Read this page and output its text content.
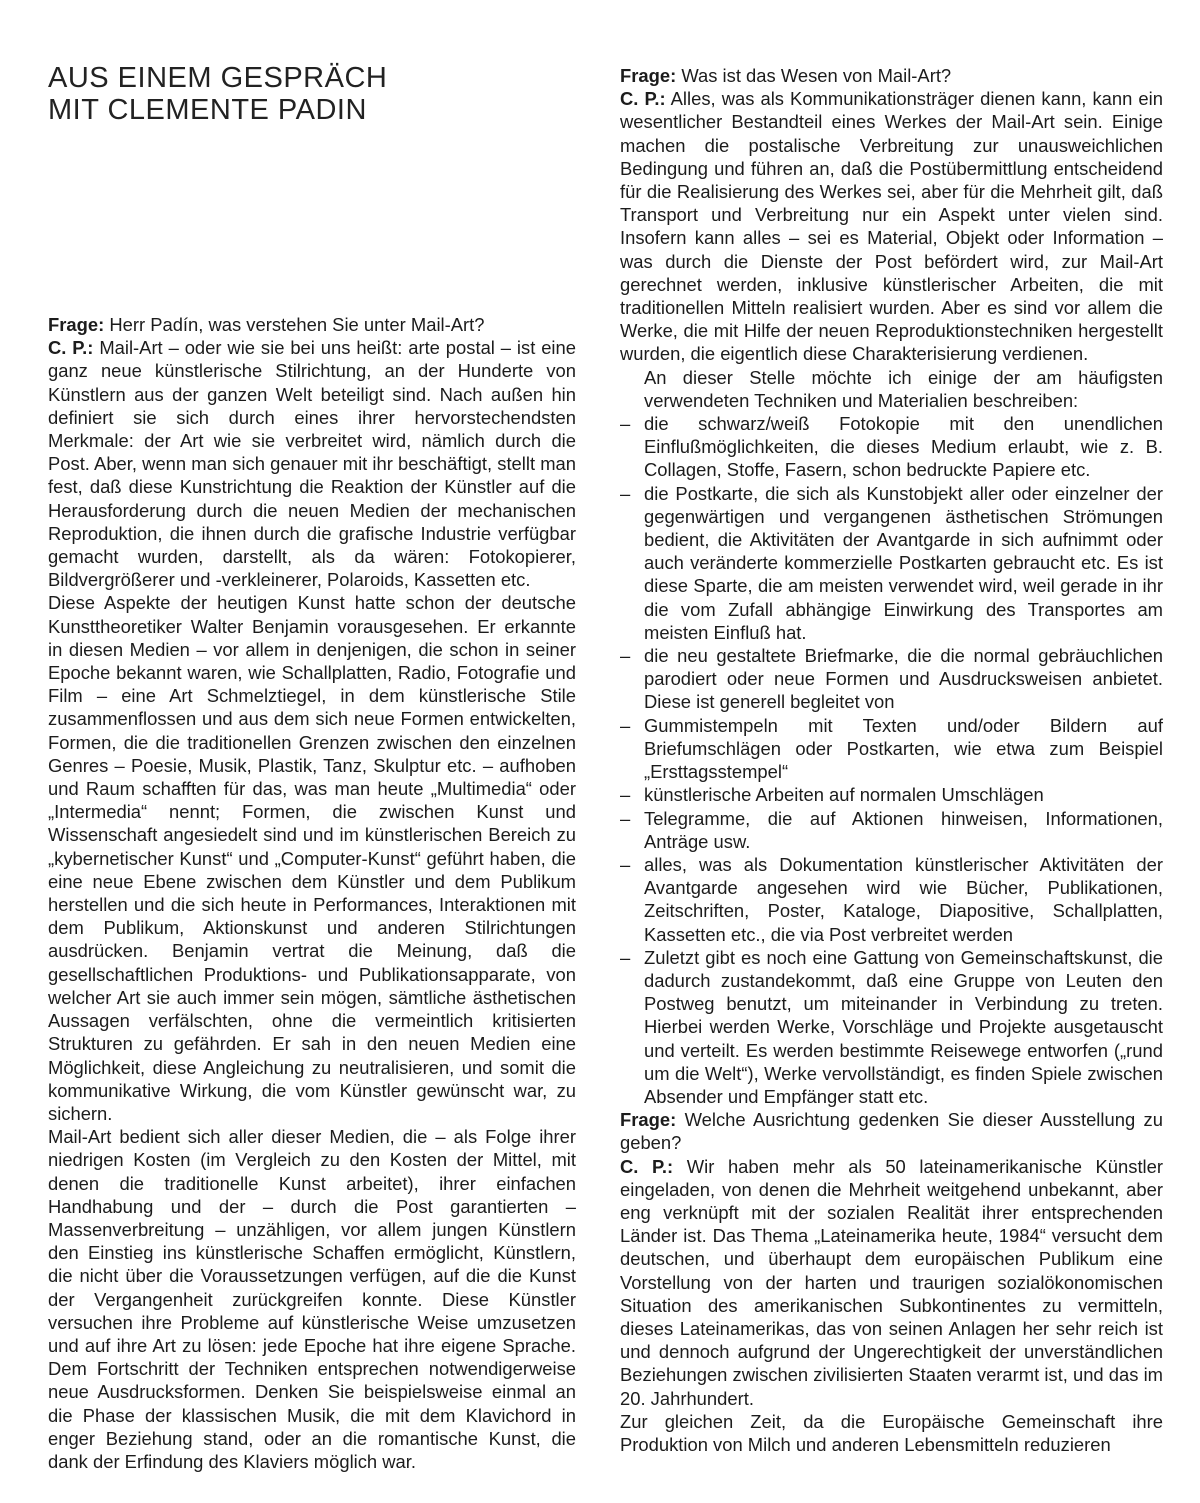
AUS EINEM GESPRÄCH
MIT CLEMENTE PADIN

Frage: Herr Padín, was verstehen Sie unter Mail-Art?

C. P.: Mail-Art – oder wie sie bei uns heißt: arte postal – ist eine ganz neue künstlerische Stilrichtung, an der Hunderte von Künstlern aus der ganzen Welt beteiligt sind. Nach außen hin definiert sie sich durch eines ihrer hervorstechendsten Merkmale: der Art wie sie verbreitet wird, nämlich durch die Post. Aber, wenn man sich genauer mit ihr beschäftigt, stellt man fest, daß diese Kunstrichtung die Reaktion der Künstler auf die Herausforderung durch die neuen Medien der mechanischen Reproduktion, die ihnen durch die grafische Industrie verfügbar gemacht wurden, darstellt, als da wären: Fotokopierer, Bildvergrößerer und -verkleinerer, Polaroids, Kassetten etc.

Diese Aspekte der heutigen Kunst hatte schon der deutsche Kunsttheoretiker Walter Benjamin vorausgesehen. Er erkannte in diesen Medien – vor allem in denjenigen, die schon in seiner Epoche bekannt waren, wie Schallplatten, Radio, Fotografie und Film – eine Art Schmelztiegel, in dem künstlerische Stile zusammenflossen und aus dem sich neue Formen entwickelten, Formen, die die traditionellen Grenzen zwischen den einzelnen Genres – Poesie, Musik, Plastik, Tanz, Skulptur etc. – aufhoben und Raum schafften für das, was man heute „Multimedia“ oder „Intermedia“ nennt; Formen, die zwischen Kunst und Wissenschaft angesiedelt sind und im künstlerischen Bereich zu „kybernetischer Kunst“ und „Computer-Kunst“ geführt haben, die eine neue Ebene zwischen dem Künstler und dem Publikum herstellen und die sich heute in Performances, Interaktionen mit dem Publikum, Aktionskunst und anderen Stilrichtungen ausdrücken. Benjamin vertrat die Meinung, daß die gesellschaftlichen Produktions- und Publikationsapparate, von welcher Art sie auch immer sein mögen, sämtliche ästhetischen Aussagen verfälschten, ohne die vermeintlich kritisierten Strukturen zu gefährden. Er sah in den neuen Medien eine Möglichkeit, diese Angleichung zu neutralisieren, und somit die kommunikative Wirkung, die vom Künstler gewünscht war, zu sichern.

Mail-Art bedient sich aller dieser Medien, die – als Folge ihrer niedrigen Kosten (im Vergleich zu den Kosten der Mittel, mit denen die traditionelle Kunst arbeitet), ihrer einfachen Handhabung und der – durch die Post garantierten – Massenverbreitung – unzähligen, vor allem jungen Künstlern den Einstieg ins künstlerische Schaffen ermöglicht, Künstlern, die nicht über die Voraussetzungen verfügen, auf die die Kunst der Vergangenheit zurückgreifen konnte. Diese Künstler versuchen ihre Probleme auf künstlerische Weise umzusetzen und auf ihre Art zu lösen: jede Epoche hat ihre eigene Sprache. Dem Fortschritt der Techniken entsprechen notwendigerweise neue Ausdrucksformen. Denken Sie beispielsweise einmal an die Phase der klassischen Musik, die mit dem Klavichord in enger Beziehung stand, oder an die romantische Kunst, die dank der Erfindung des Klaviers möglich war.

Frage: Was ist das Wesen von Mail-Art?

C. P.: Alles, was als Kommunikationsträger dienen kann, kann ein wesentlicher Bestandteil eines Werkes der Mail-Art sein. Einige machen die postalische Verbreitung zur unausweichlichen Bedingung und führen an, daß die Postübermittlung entscheidend für die Realisierung des Werkes sei, aber für die Mehrheit gilt, daß Transport und Verbreitung nur ein Aspekt unter vielen sind. Insofern kann alles – sei es Material, Objekt oder Information – was durch die Dienste der Post befördert wird, zur Mail-Art gerechnet werden, inklusive künstlerischer Arbeiten, die mit traditionellen Mitteln realisiert wurden. Aber es sind vor allem die Werke, die mit Hilfe der neuen Reproduktionstechniken hergestellt wurden, die eigentlich diese Charakterisierung verdienen.

An dieser Stelle möchte ich einige der am häufigsten verwendeten Techniken und Materialien beschreiben:

– die schwarz/weiß Fotokopie mit den unendlichen Einflußmöglichkeiten, die dieses Medium erlaubt, wie z. B. Collagen, Stoffe, Fasern, schon bedruckte Papiere etc.
– die Postkarte, die sich als Kunstobjekt aller oder einzelner der gegenwärtigen und vergangenen ästhetischen Strömungen bedient, die Aktivitäten der Avantgarde in sich aufnimmt oder auch veränderte kommerzielle Postkarten gebraucht etc. Es ist diese Sparte, die am meisten verwendet wird, weil gerade in ihr die vom Zufall abhängige Einwirkung des Transportes am meisten Einfluß hat.
– die neu gestaltete Briefmarke, die die normal gebräuchlichen parodiert oder neue Formen und Ausdrucksweisen anbietet. Diese ist generell begleitet von
– Gummistempeln mit Texten und/oder Bildern auf Briefumschlägen oder Postkarten, wie etwa zum Beispiel „Ersttagsstempel“
– künstlerische Arbeiten auf normalen Umschlägen
– Telegramme, die auf Aktionen hinweisen, Informationen, Anträge usw.
– alles, was als Dokumentation künstlerischer Aktivitäten der Avantgarde angesehen wird wie Bücher, Publikationen, Zeitschriften, Poster, Kataloge, Diapositive, Schallplatten, Kassetten etc., die via Post verbreitet werden
– Zuletzt gibt es noch eine Gattung von Gemeinschaftskunst, die dadurch zustandekommt, daß eine Gruppe von Leuten den Postweg benutzt, um miteinander in Verbindung zu treten. Hierbei werden Werke, Vorschläge und Projekte ausgetauscht und verteilt. Es werden bestimmte Reisewege entworfen („rund um die Welt“), Werke vervollständigt, es finden Spiele zwischen Absender und Empfänger statt etc.

Frage: Welche Ausrichtung gedenken Sie dieser Ausstellung zu geben?

C. P.: Wir haben mehr als 50 lateinamerikanische Künstler eingeladen, von denen die Mehrheit weitgehend unbekannt, aber eng verknüpft mit der sozialen Realität ihrer entsprechenden Länder ist. Das Thema „Lateinamerika heute, 1984“ versucht dem deutschen, und überhaupt dem europäischen Publikum eine Vorstellung von der harten und traurigen sozialökonomischen Situation des amerikanischen Subkontinentes zu vermitteln, dieses Lateinamerikas, das von seinen Anlagen her sehr reich ist und dennoch aufgrund der Ungerechtigkeit der unverständlichen Beziehungen zwischen zivilisierten Staaten verarmt ist, und das im 20. Jahrhundert.

Zur gleichen Zeit, da die Europäische Gemeinschaft ihre Produktion von Milch und anderen Lebensmitteln reduzieren
